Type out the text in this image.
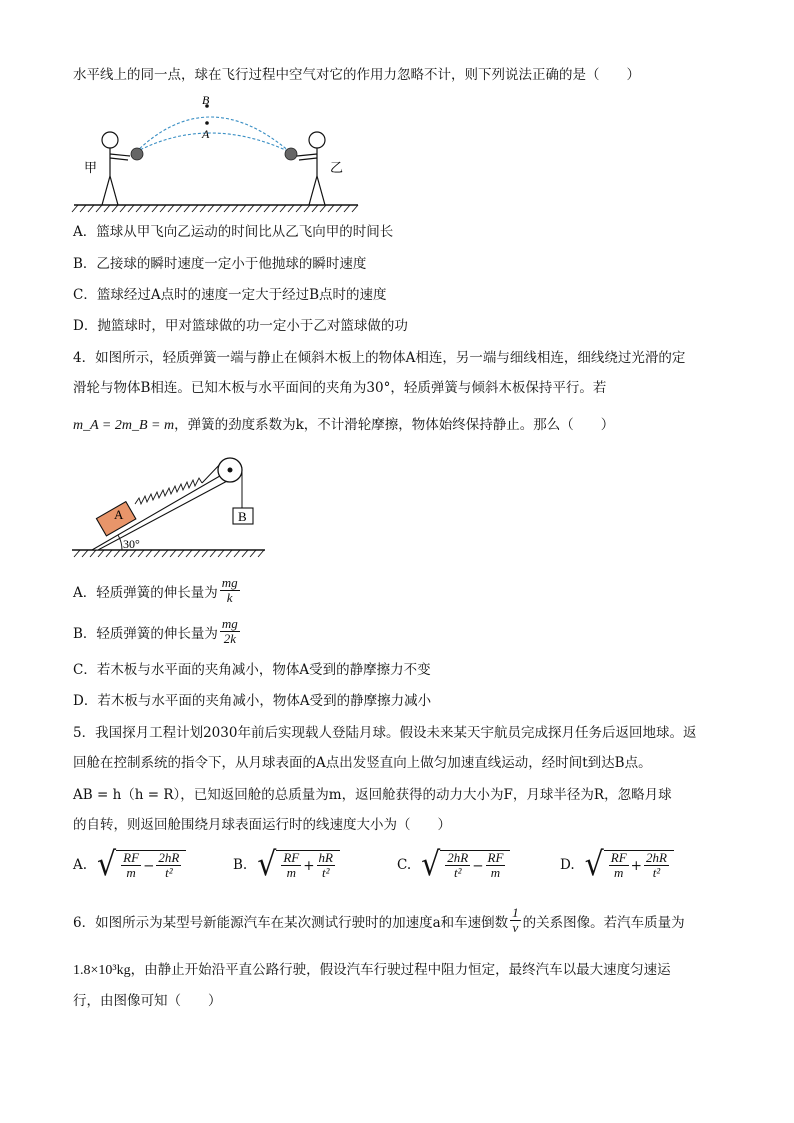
水平线上的同一点，球在飞行过程中空气对它的作用力忽略不计，则下列说法正确的是（　　）
B
A
甲	乙
A．篮球从甲飞向乙运动的时间比从乙飞向甲的时间长
B．乙接球的瞬时速度一定小于他抛球的瞬时速度
C．篮球经过A点时的速度一定大于经过B点时的速度
D．抛篮球时，甲对篮球做的功一定小于乙对篮球做的功
4．如图所示，轻质弹簧一端与静止在倾斜木板上的物体A相连，另一端与细线相连，细线绕过光滑的定
滑轮与物体B相连。已知木板与水平面间的夹角为30°，轻质弹簧与倾斜木板保持平行。若
m_A = 2m_B = m，弹簧的劲度系数为k，不计滑轮摩擦，物体始终保持静止。那么（　　）
30°
A	B
A．轻质弹簧的伸长量为 $\frac{mg}{k}$
B．轻质弹簧的伸长量为 $\frac{mg}{2k}$
C．若木板与水平面的夹角减小，物体A受到的静摩擦力不变
D．若木板与水平面的夹角减小，物体A受到的静摩擦力减小
5．我国探月工程计划2030年前后实现载人登陆月球。假设未来某天宇航员完成探月任务后返回地球。返
回舱在控制系统的指令下，从月球表面的A点出发竖直向上做匀加速直线运动，经时间t到达B点。
AB = h（h = R），已知返回舱的总质量为m，返回舱获得的动力大小为F，月球半径为R，忽略月球
的自转，则返回舱围绕月球表面运行时的线速度大小为（　　）
A. √ $\frac{RF}{m} - \frac{2hR}{\text{t²}}$	B. √ $\frac{RF}{m} + \frac{hR}{\text{t²}}$	C. √ $\frac{2hR}{\text{t²}} - \frac{RF}{m}$	D. √ $\frac{RF}{m} + \frac{2hR}{\text{t²}}$
6．如图所示为某型号新能源汽车在某次测试行驶时的加速度a和车速倒数 $\frac{1}{v}$ 的关系图像。若汽车质量为
1.8×10³kg，由静止开始沿平直公路行驶，假设汽车行驶过程中阻力恒定，最终汽车以最大速度匀速运
行，由图像可知（　　）
